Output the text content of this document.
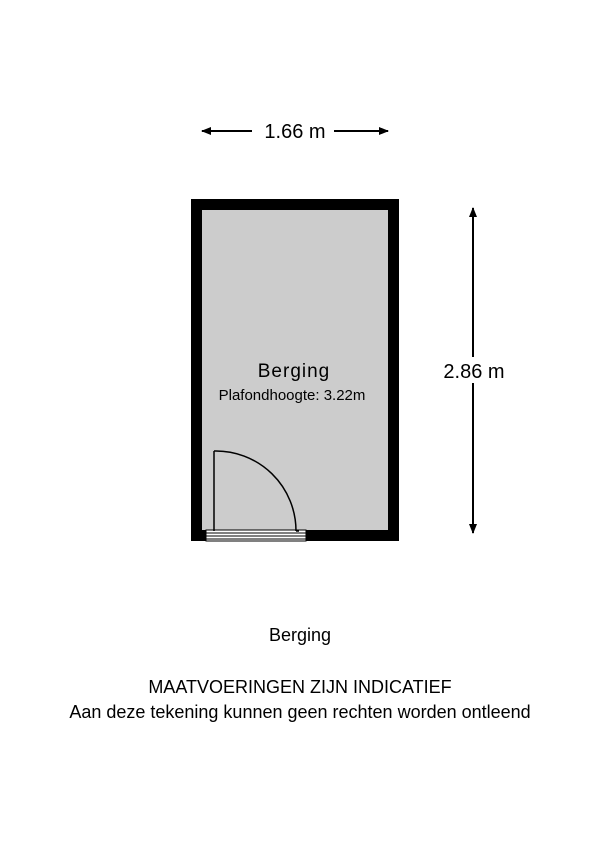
1.66 m
2.86 m
Berging
Plafondhoogte: 3.22m
Berging
MAATVOERINGEN ZIJN INDICATIEF
Aan deze tekening kunnen geen rechten worden ontleend
